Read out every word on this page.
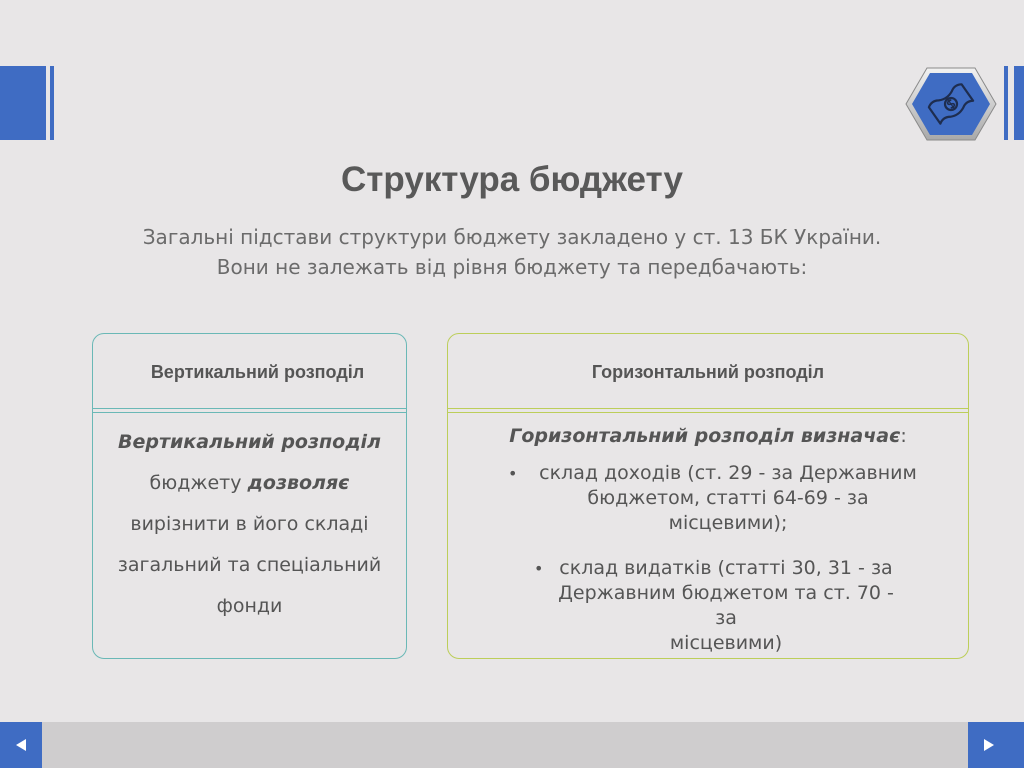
Структура бюджету
Загальні підстави структури бюджету закладено у ст. 13 БК України.
Вони не залежать від рівня бюджету та передбачають:
Вертикальний розподіл
Вертикальний розподіл
бюджету дозволяє
вирізнити в його складі
загальний та спеціальний
фонди
Горизонтальний розподіл
Горизонтальний розподіл визначає:
•	склад доходів (ст. 29 - за Державним
бюджетом, статті 64-69 - за місцевими);
• склад видатків (статті 30, 31 - за
Державним бюджетом та ст. 70 - за
місцевими)
